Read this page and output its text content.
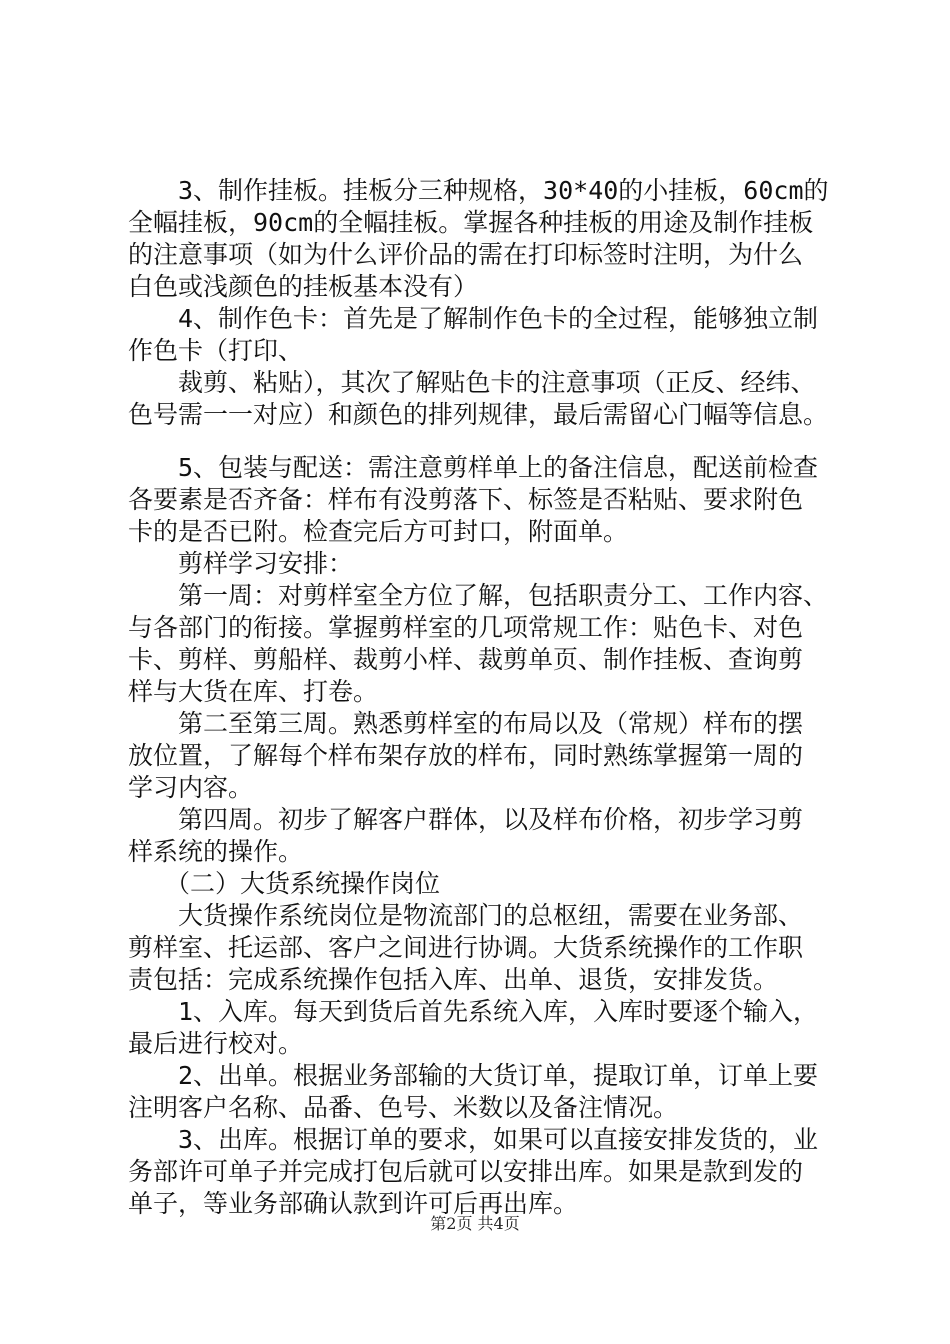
3、制作挂板。挂板分三种规格，30*40的小挂板，60cm的
全幅挂板，90cm的全幅挂板。掌握各种挂板的用途及制作挂板
的注意事项（如为什么评价品的需在打印标签时注明，为什么
白色或浅颜色的挂板基本没有）
4、制作色卡：首先是了解制作色卡的全过程，能够独立制
作色卡（打印、
裁剪、粘贴），其次了解贴色卡的注意事项（正反、经纬、
色号需一一对应）和颜色的排列规律，最后需留心门幅等信息。
5、包装与配送：需注意剪样单上的备注信息，配送前检查
各要素是否齐备：样布有没剪落下、标签是否粘贴、要求附色
卡的是否已附。检查完后方可封口，附面单。
剪样学习安排：
第一周：对剪样室全方位了解，包括职责分工、工作内容、
与各部门的衔接。掌握剪样室的几项常规工作：贴色卡、对色
卡、剪样、剪船样、裁剪小样、裁剪单页、制作挂板、查询剪
样与大货在库、打卷。
第二至第三周。熟悉剪样室的布局以及（常规）样布的摆
放位置，了解每个样布架存放的样布，同时熟练掌握第一周的
学习内容。
第四周。初步了解客户群体，以及样布价格，初步学习剪
样系统的操作。
（二）大货系统操作岗位
大货操作系统岗位是物流部门的总枢纽，需要在业务部、
剪样室、托运部、客户之间进行协调。大货系统操作的工作职
责包括：完成系统操作包括入库、出单、退货，安排发货。
1、入库。每天到货后首先系统入库，入库时要逐个输入，
最后进行校对。
2、出单。根据业务部输的大货订单，提取订单，订单上要
注明客户名称、品番、色号、米数以及备注情况。
3、出库。根据订单的要求，如果可以直接安排发货的，业
务部许可单子并完成打包后就可以安排出库。如果是款到发的
单子，等业务部确认款到许可后再出库。
第2页 共4页
